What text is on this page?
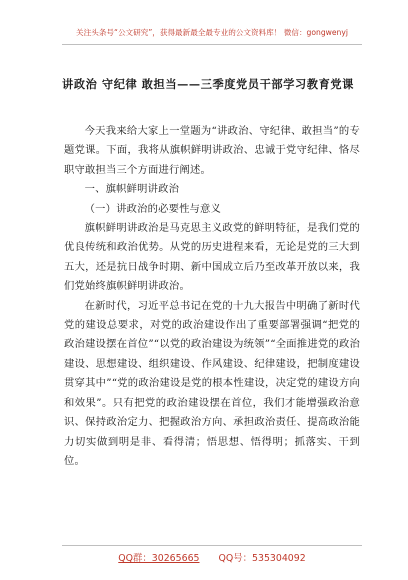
关注头条号“公文研究”，获得最新最全最专业的公文资料库！ 微信：gongwenyj
讲政治 守纪律 敢担当——三季度党员干部学习教育党课

今天我来给大家上一堂题为“讲政治、守纪律、敢担当”的专题党课。下面，我将从旗帜鲜明讲政治、忠诚于党守纪律、恪尽职守敢担当三个方面进行阐述。

一、旗帜鲜明讲政治

（一）讲政治的必要性与意义

旗帜鲜明讲政治是马克思主义政党的鲜明特征，是我们党的优良传统和政治优势。从党的历史进程来看，无论是党的三大到五大，还是抗日战争时期、新中国成立后乃至改革开放以来，我们党始终旗帜鲜明讲政治。

在新时代，习近平总书记在党的十九大报告中明确了新时代党的建设总要求，对党的政治建设作出了重要部署强调“把党的政治建设摆在首位”“以党的政治建设为统领”“全面推进党的政治建设、思想建设、组织建设、作风建设、纪律建设，把制度建设贯穿其中”“党的政治建设是党的根本性建设，决定党的建设方向和效果”。只有把党的政治建设摆在首位，我们才能增强政治意识、保持政治定力、把握政治方向、承担政治责任、提高政治能力切实做到明是非、看得清；悟思想、悟得明；抓落实、干到位。

QQ群：30265665 QQ号：535304092
